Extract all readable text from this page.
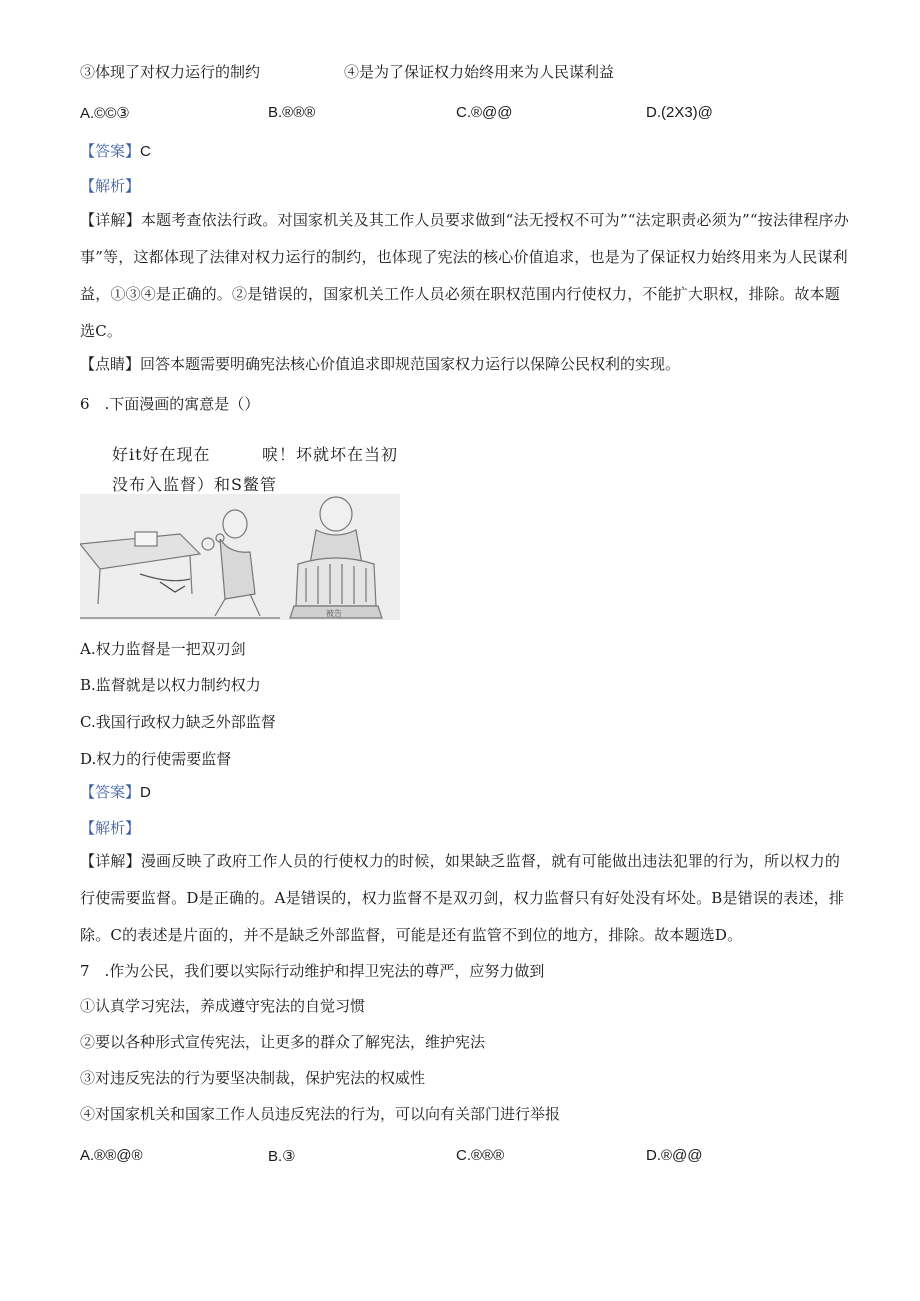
③体现了对权力运行的制约	④是为了保证权力始终用来为人民谋利益
A.©©③	B.®®®	C.®@@	D.(2X3)@
【答案】C
【解析】
【详解】本题考查依法行政。对国家机关及其工作人员要求做到“法无授权不可为”“法定职责必须为”“按法律程序办事”等，这都体现了法律对权力运行的制约，也体现了宪法的核心价值追求，也是为了保证权力始终用来为人民谋利益，①③④是正确的。②是错误的，国家机关工作人员必须在职权范围内行使权力，不能扩大职权，排除。故本题选C。
【点睛】回答本题需要明确宪法核心价值追求即规范国家权力运行以保障公民权利的实现。
6　.下面漫画的寓意是（）
好it好在现在	唳！坏就坏在当初
没布入监督）和S鳖管
被告
A.权力监督是一把双刃剑
B.监督就是以权力制约权力
C.我国行政权力缺乏外部监督
D.权力的行使需要监督
【答案】D
【解析】
【详解】漫画反映了政府工作人员的行使权力的时候，如果缺乏监督，就有可能做出违法犯罪的行为，所以权力的行使需要监督。D是正确的。A是错误的，权力监督不是双刃剑，权力监督只有好处没有坏处。B是错误的表述，排除。C的表述是片面的，并不是缺乏外部监督，可能是还有监管不到位的地方，排除。故本题选D。
7　.作为公民，我们要以实际行动维护和捍卫宪法的尊严，应努力做到
①认真学习宪法，养成遵守宪法的自觉习惯
②要以各种形式宣传宪法，让更多的群众了解宪法，维护宪法
③对违反宪法的行为要坚决制裁，保护宪法的权威性
④对国家机关和国家工作人员违反宪法的行为，可以向有关部门进行举报
A.®®@®	B.③	C.®®®	D.®@@
